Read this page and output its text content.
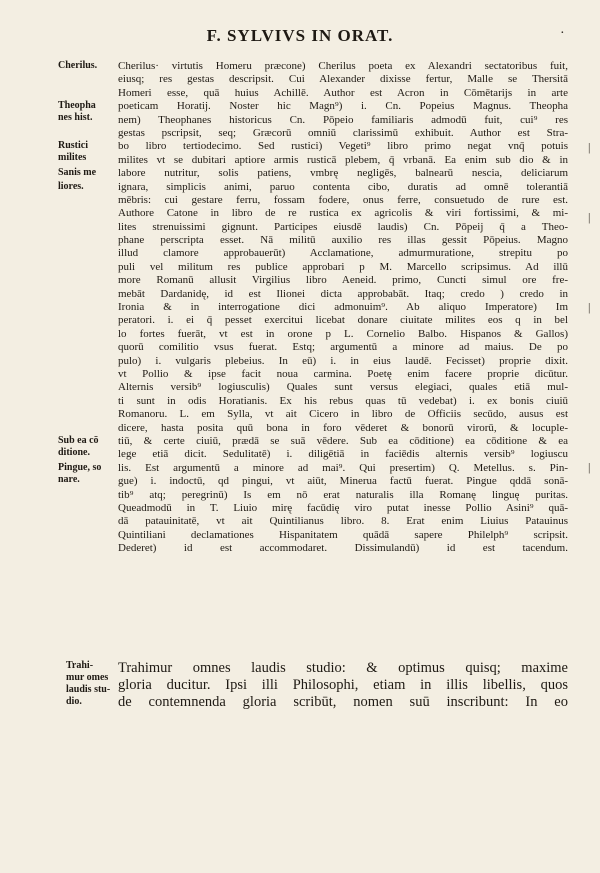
F. SYLVIVS IN ORAT.	·
Cherilus.
Theopha
nes hist.
Rustici
milites
Sanis me
liores.
Sub ea cō
ditione.
Pingue, so
nare.
Cherilus· virtutis Homeru præcone) Cherilus poeta ex Alexandri sectatoribus fuit,
eiusq; res gestas descripsit. Cui Alexander dixisse fertur, Malle se Thersitā
Homeri esse, quā huius Achillē. Author est Acron in Cōmētarijs in arte
poeticam Horatij. Noster hic Magn⁹) i. Cn. Popeius Magnus. Theopha
nem) Theophanes historicus Cn. Pōpeio familiaris admodū fuit, cui⁹ res
gestas pscripsit, seq; Græcorū omniū clarissimū exhibuit. Author est Stra-
bo libro tertiodecimo. Sed rustici) Vegeti⁹ libro primo negat vnq̄ potuis
milites vt se dubitari aptiore armis rusticā plebem, q̄ vrbanā. Ea enim sub dio & in
labore nutritur, solis patiens, vmbrę negligēs, balnearū nescia, deliciarum
ignara, simplicis animi, paruo contenta cibo, duratis ad omnē tolerantiā
mēbris: cui gestare ferru, fossam fodere, onus ferre, consuetudo de rure est.
Authore Catone in libro de re rustica ex agricolis & viri fortissimi, & mi-
lites strenuissimi gignunt. Participes eiusdē laudis) Cn. Pōpeij q̄ a Theo-
phane perscripta esset. Nā militū auxilio res illas gessit Pōpeius. Magno
illud clamore approbauerūt) Acclamatione, admurmuratione, strepitu po
puli vel militum res publice approbari p M. Marcello scripsimus. Ad illū
more Romanū allusit Virgilius libro Aeneid. primo, Cuncti simul ore fre-
mebāt Dardanidę, id est Ilionei dicta approbabāt. Itaq; credo ) credo in
Ironia & in interrogatione dici admonuim⁹. Ab aliquo Imperatore) Im
peratori. i. ei q̄ pesset exercitui licebat donare ciuitate milites eos q in bel
lo fortes fuerāt, vt est in orone p L. Cornelio Balbo. Hispanos & Gallos)
quorū comilitio vsus fuerat. Estq; argumentū a minore ad maius. De po
pulo) i. vulgaris plebeius. In eū) i. in eius laudē. Fecisset) proprie dixit.
vt Pollio & ipse facit noua carmina. Poetę enim facere proprie dicūtur.
Alternis versib⁹ logiusculis) Quales sunt versus elegiaci, quales etiā mul-
ti sunt in odis Horatianis. Ex his rebus quas tū vedebat) i. ex bonis ciuiū
Romanoru. L. em Sylla, vt ait Cicero in libro de Officiis secūdo, ausus est
dicere, hasta posita quū bona in foro vēderet & bonorū virorū, & locuple-
tiū, & certe ciuiū, prædā se suā vēdere. Sub ea cōditione) ea cōditione & ea
lege etiā dicit. Sedulitatē) i. diligētiā in faciēdis alternis versib⁹ logiuscu
lis. Est argumentū a minore ad mai⁹. Qui presertim) Q. Metellus. s. Pin-
gue) i. indoctū, qd pingui, vt aiūt, Minerua factū fuerat. Pingue qddā sonā-
tib⁹ atq; peregrinū) Is em nō erat naturalis illa Romanę linguę puritas.
Queadmodū in T. Liuio mirę facūdię viro putat inesse Pollio Asini⁹ quā-
dā patauinitatē, vt ait Quintilianus libro. 8. Erat enim Liuius Patauinus
Quintiliani declamationes Hispanitatem quādā sapere Philelph⁹ scripsit.
Dederet) id est accommodaret. Dissimulandū) id est tacendum.
Trahi-
mur omes
laudis stu-
dio.
Trahimur omnes laudis studio: & optimus quisq; maxime
gloria ducitur. Ipsi illi Philosophi, etiam in illis libellis, quos
de contemnenda gloria scribūt, nomen suū inscribunt: In eo
|
|
|
|
